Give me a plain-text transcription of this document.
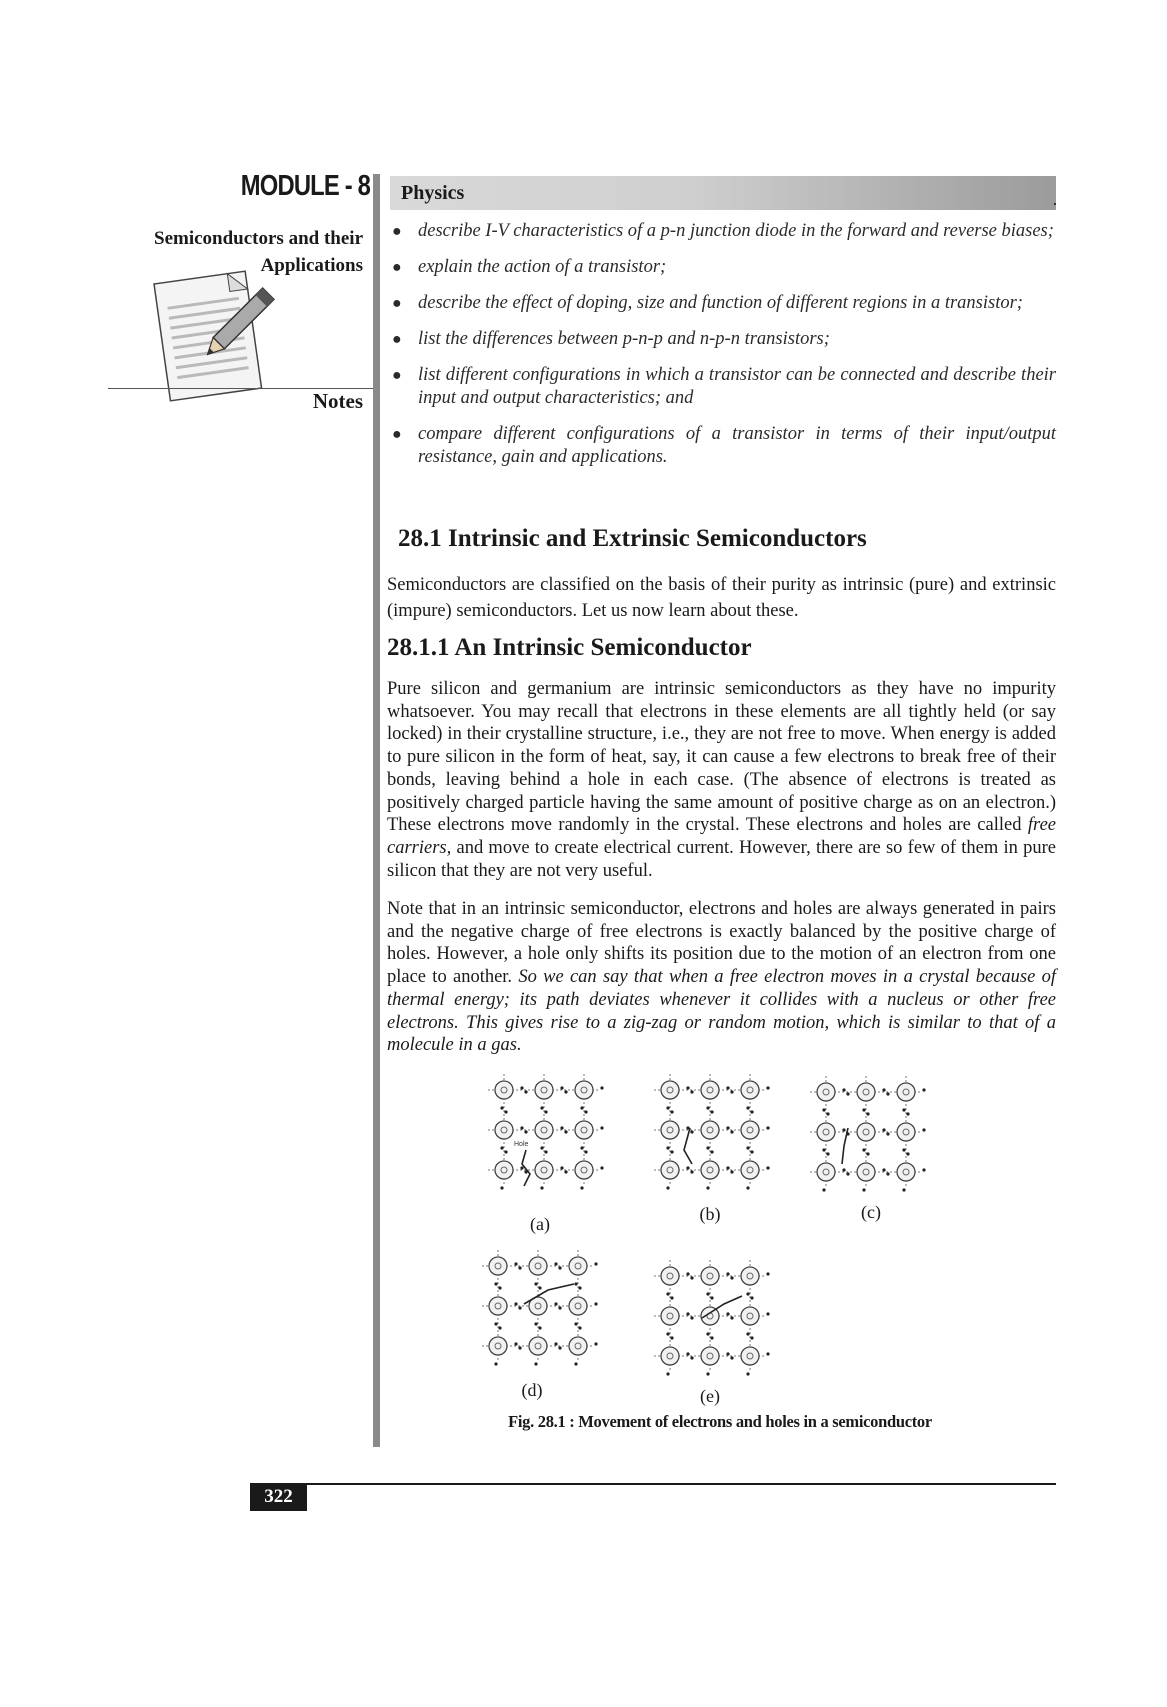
MODULE - 8
Semiconductors and their
Applications
Notes
Physics
● describe I-V characteristics of a p-n junction diode in the forward and reverse biases;
● explain the action of a transistor;
● describe the effect of doping, size and function of different regions in a transistor;
● list the differences between p-n-p and n-p-n transistors;
● list different configurations in which a transistor can be connected and describe their input and output characteristics; and
● compare different configurations of a transistor in terms of their input/output resistance, gain and applications.
28.1 Intrinsic and Extrinsic Semiconductors
Semiconductors are classified on the basis of their purity as intrinsic (pure) and extrinsic (impure) semiconductors. Let us now learn about these.
28.1.1 An Intrinsic Semiconductor
Pure silicon and germanium are intrinsic semiconductors as they have no impurity whatsoever. You may recall that electrons in these elements are all tightly held (or say locked) in their crystalline structure, i.e., they are not free to move. When energy is added to pure silicon in the form of heat, say, it can cause a few electrons to break free of their bonds, leaving behind a hole in each case. (The absence of electrons is treated as positively charged particle having the same amount of positive charge as on an electron.) These electrons move randomly in the crystal. These electrons and holes are called free carriers, and move to create electrical current. However, there are so few of them in pure silicon that they are not very useful.
Note that in an intrinsic semiconductor, electrons and holes are always generated in pairs and the negative charge of free electrons is exactly balanced by the positive charge of holes. However, a hole only shifts its position due to the motion of an electron from one place to another. So we can say that when a free electron moves in a crystal because of thermal energy; its path deviates whenever it collides with a nucleus or other free electrons. This gives rise to a zig-zag or random motion, which is similar to that of a molecule in a gas.
Hole
(a)	(b)	(c)
(d)	(e)
Fig. 28.1 : Movement of electrons and holes in a semiconductor
322
